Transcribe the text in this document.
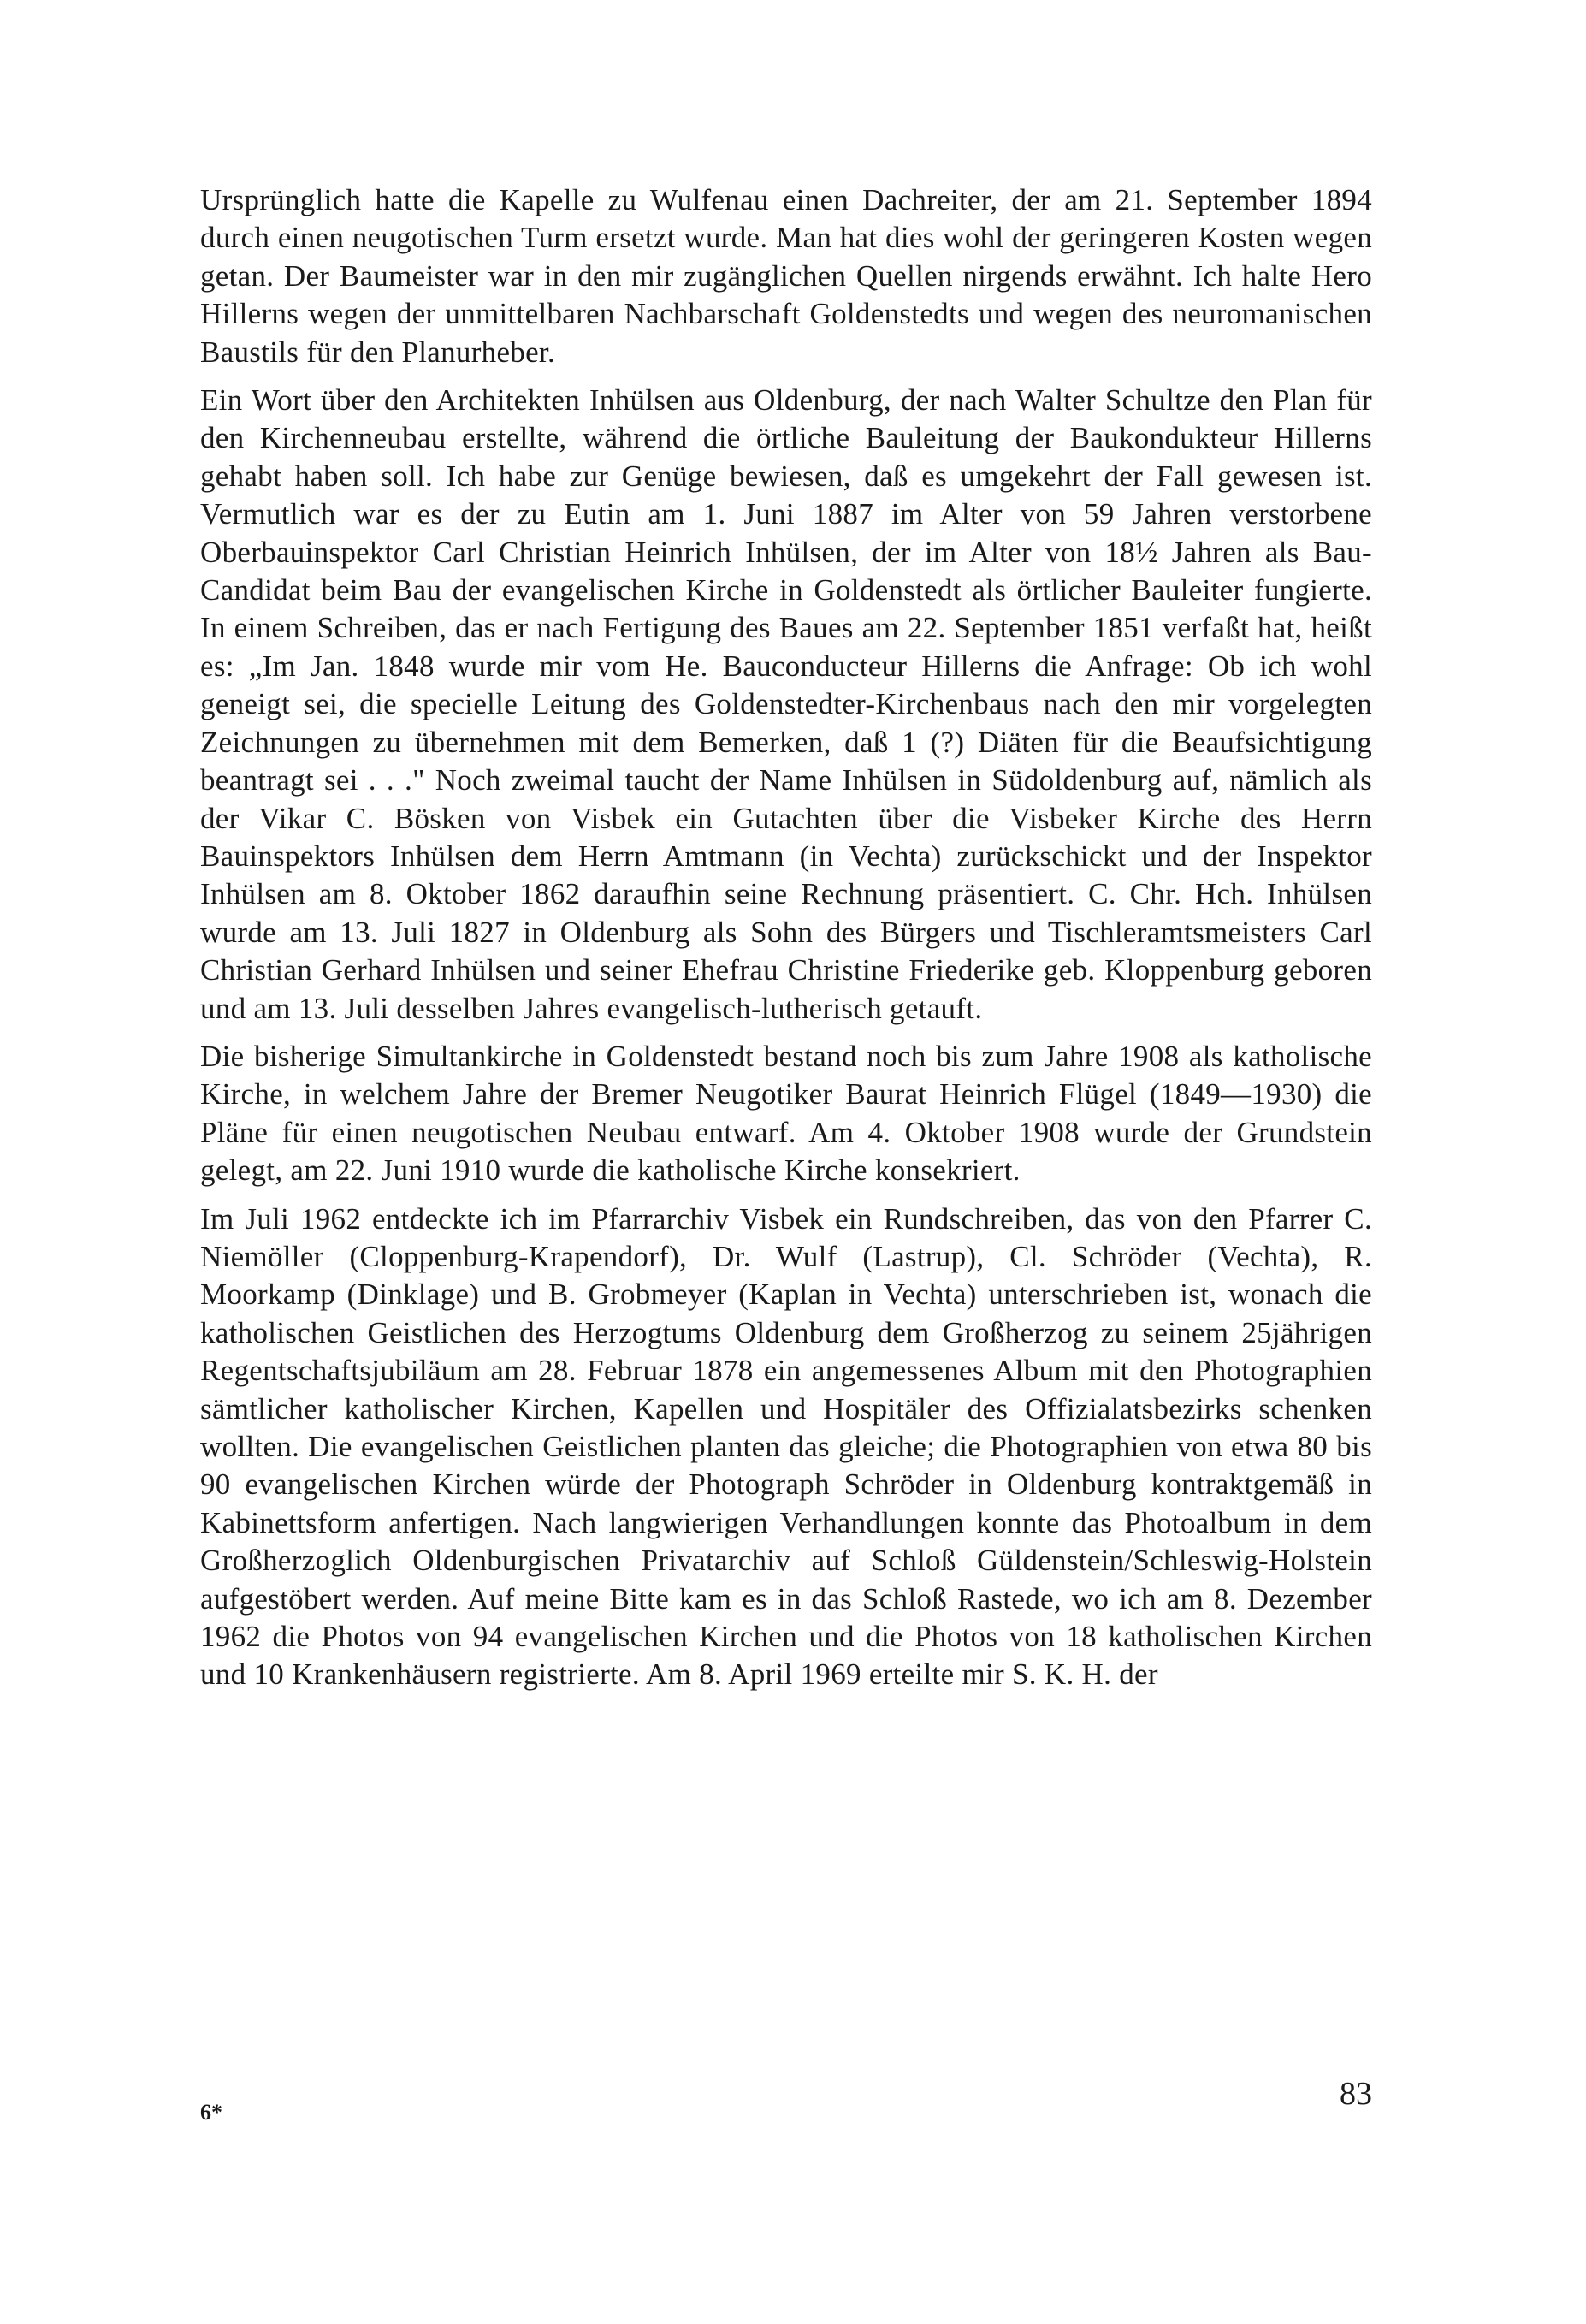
Ursprünglich hatte die Kapelle zu Wulfenau einen Dachreiter, der am 21. September 1894 durch einen neugotischen Turm ersetzt wurde. Man hat dies wohl der geringeren Kosten wegen getan. Der Baumeister war in den mir zugänglichen Quellen nirgends erwähnt. Ich halte Hero Hillerns wegen der unmittelbaren Nachbarschaft Goldenstedts und wegen des neuromanischen Baustils für den Planurheber.

Ein Wort über den Architekten Inhülsen aus Oldenburg, der nach Walter Schultze den Plan für den Kirchenneubau erstellte, während die örtliche Bauleitung der Baukondukteur Hillerns gehabt haben soll. Ich habe zur Genüge bewiesen, daß es umgekehrt der Fall gewesen ist. Vermutlich war es der zu Eutin am 1. Juni 1887 im Alter von 59 Jahren verstorbene Oberbauinspektor Carl Christian Heinrich Inhülsen, der im Alter von 18½ Jahren als Bau-Candidat beim Bau der evangelischen Kirche in Goldenstedt als örtlicher Bauleiter fungierte. In einem Schreiben, das er nach Fertigung des Baues am 22. September 1851 verfaßt hat, heißt es: „Im Jan. 1848 wurde mir vom He. Bauconducteur Hillerns die Anfrage: Ob ich wohl geneigt sei, die specielle Leitung des Goldenstedter-Kirchenbaus nach den mir vorgelegten Zeichnungen zu übernehmen mit dem Bemerken, daß 1 (?) Diäten für die Beaufsichtigung beantragt sei . . ." Noch zweimal taucht der Name Inhülsen in Südoldenburg auf, nämlich als der Vikar C. Bösken von Visbek ein Gutachten über die Visbeker Kirche des Herrn Bauinspektors Inhülsen dem Herrn Amtmann (in Vechta) zurückschickt und der Inspektor Inhülsen am 8. Oktober 1862 daraufhin seine Rechnung präsentiert. C. Chr. Hch. Inhülsen wurde am 13. Juli 1827 in Oldenburg als Sohn des Bürgers und Tischleramtsmeisters Carl Christian Gerhard Inhülsen und seiner Ehefrau Christine Friederike geb. Kloppenburg geboren und am 13. Juli desselben Jahres evangelisch-lutherisch getauft.

Die bisherige Simultankirche in Goldenstedt bestand noch bis zum Jahre 1908 als katholische Kirche, in welchem Jahre der Bremer Neugotiker Baurat Heinrich Flügel (1849—1930) die Pläne für einen neugotischen Neubau entwarf. Am 4. Oktober 1908 wurde der Grundstein gelegt, am 22. Juni 1910 wurde die katholische Kirche konsekriert.

Im Juli 1962 entdeckte ich im Pfarrarchiv Visbek ein Rundschreiben, das von den Pfarrer C. Niemöller (Cloppenburg-Krapendorf), Dr. Wulf (Lastrup), Cl. Schröder (Vechta), R. Moorkamp (Dinklage) und B. Grobmeyer (Kaplan in Vechta) unterschrieben ist, wonach die katholischen Geistlichen des Herzogtums Oldenburg dem Großherzog zu seinem 25jährigen Regentschaftsjubiläum am 28. Februar 1878 ein angemessenes Album mit den Photographien sämtlicher katholischer Kirchen, Kapellen und Hospitäler des Offizialatsbezirks schenken wollten. Die evangelischen Geistlichen planten das gleiche; die Photographien von etwa 80 bis 90 evangelischen Kirchen würde der Photograph Schröder in Oldenburg kontraktgemäß in Kabinettsform anfertigen. Nach langwierigen Verhandlungen konnte das Photoalbum in dem Großherzoglich Oldenburgischen Privatarchiv auf Schloß Güldenstein/Schleswig-Holstein aufgestöbert werden. Auf meine Bitte kam es in das Schloß Rastede, wo ich am 8. Dezember 1962 die Photos von 94 evangelischen Kirchen und die Photos von 18 katholischen Kirchen und 10 Krankenhäusern registrierte. Am 8. April 1969 erteilte mir S. K. H. der

6*
83
